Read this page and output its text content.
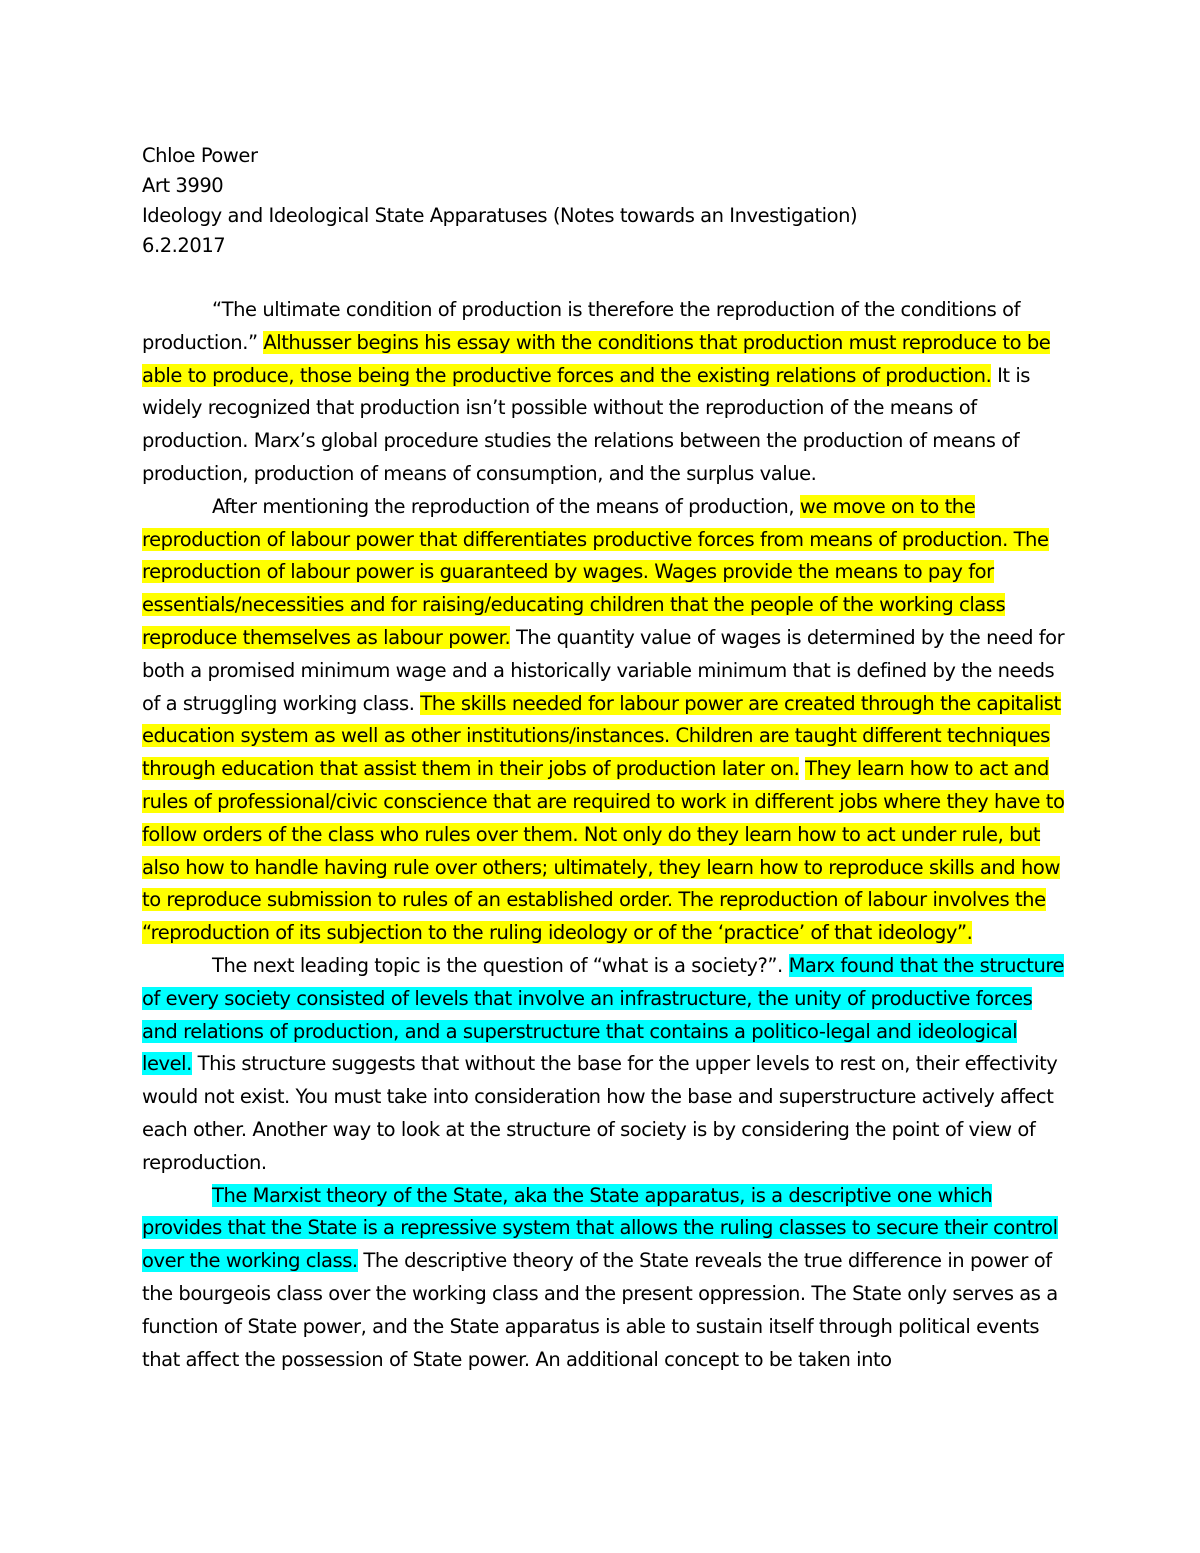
Chloe Power
Art 3990
Ideology and Ideological State Apparatuses (Notes towards an Investigation)
6.2.2017

“The ultimate condition of production is therefore the reproduction of the conditions of production.” Althusser begins his essay with the conditions that production must reproduce to be able to produce, those being the productive forces and the existing relations of production. It is widely recognized that production isn’t possible without the reproduction of the means of production. Marx’s global procedure studies the relations between the production of means of production, production of means of consumption, and the surplus value.

After mentioning the reproduction of the means of production, we move on to the reproduction of labour power that differentiates productive forces from means of production. The reproduction of labour power is guaranteed by wages. Wages provide the means to pay for essentials/necessities and for raising/educating children that the people of the working class reproduce themselves as labour power. The quantity value of wages is determined by the need for both a promised minimum wage and a historically variable minimum that is defined by the needs of a struggling working class. The skills needed for labour power are created through the capitalist education system as well as other institutions/instances. Children are taught different techniques through education that assist them in their jobs of production later on. They learn how to act and rules of professional/civic conscience that are required to work in different jobs where they have to follow orders of the class who rules over them. Not only do they learn how to act under rule, but also how to handle having rule over others; ultimately, they learn how to reproduce skills and how to reproduce submission to rules of an established order. The reproduction of labour involves the “reproduction of its subjection to the ruling ideology or of the ‘practice’ of that ideology”.

The next leading topic is the question of “what is a society?”. Marx found that the structure of every society consisted of levels that involve an infrastructure, the unity of productive forces and relations of production, and a superstructure that contains a politico-legal and ideological level. This structure suggests that without the base for the upper levels to rest on, their effectivity would not exist. You must take into consideration how the base and superstructure actively affect each other. Another way to look at the structure of society is by considering the point of view of reproduction.

The Marxist theory of the State, aka the State apparatus, is a descriptive one which provides that the State is a repressive system that allows the ruling classes to secure their control over the working class. The descriptive theory of the State reveals the true difference in power of the bourgeois class over the working class and the present oppression. The State only serves as a function of State power, and the State apparatus is able to sustain itself through political events that affect the possession of State power. An additional concept to be taken into
